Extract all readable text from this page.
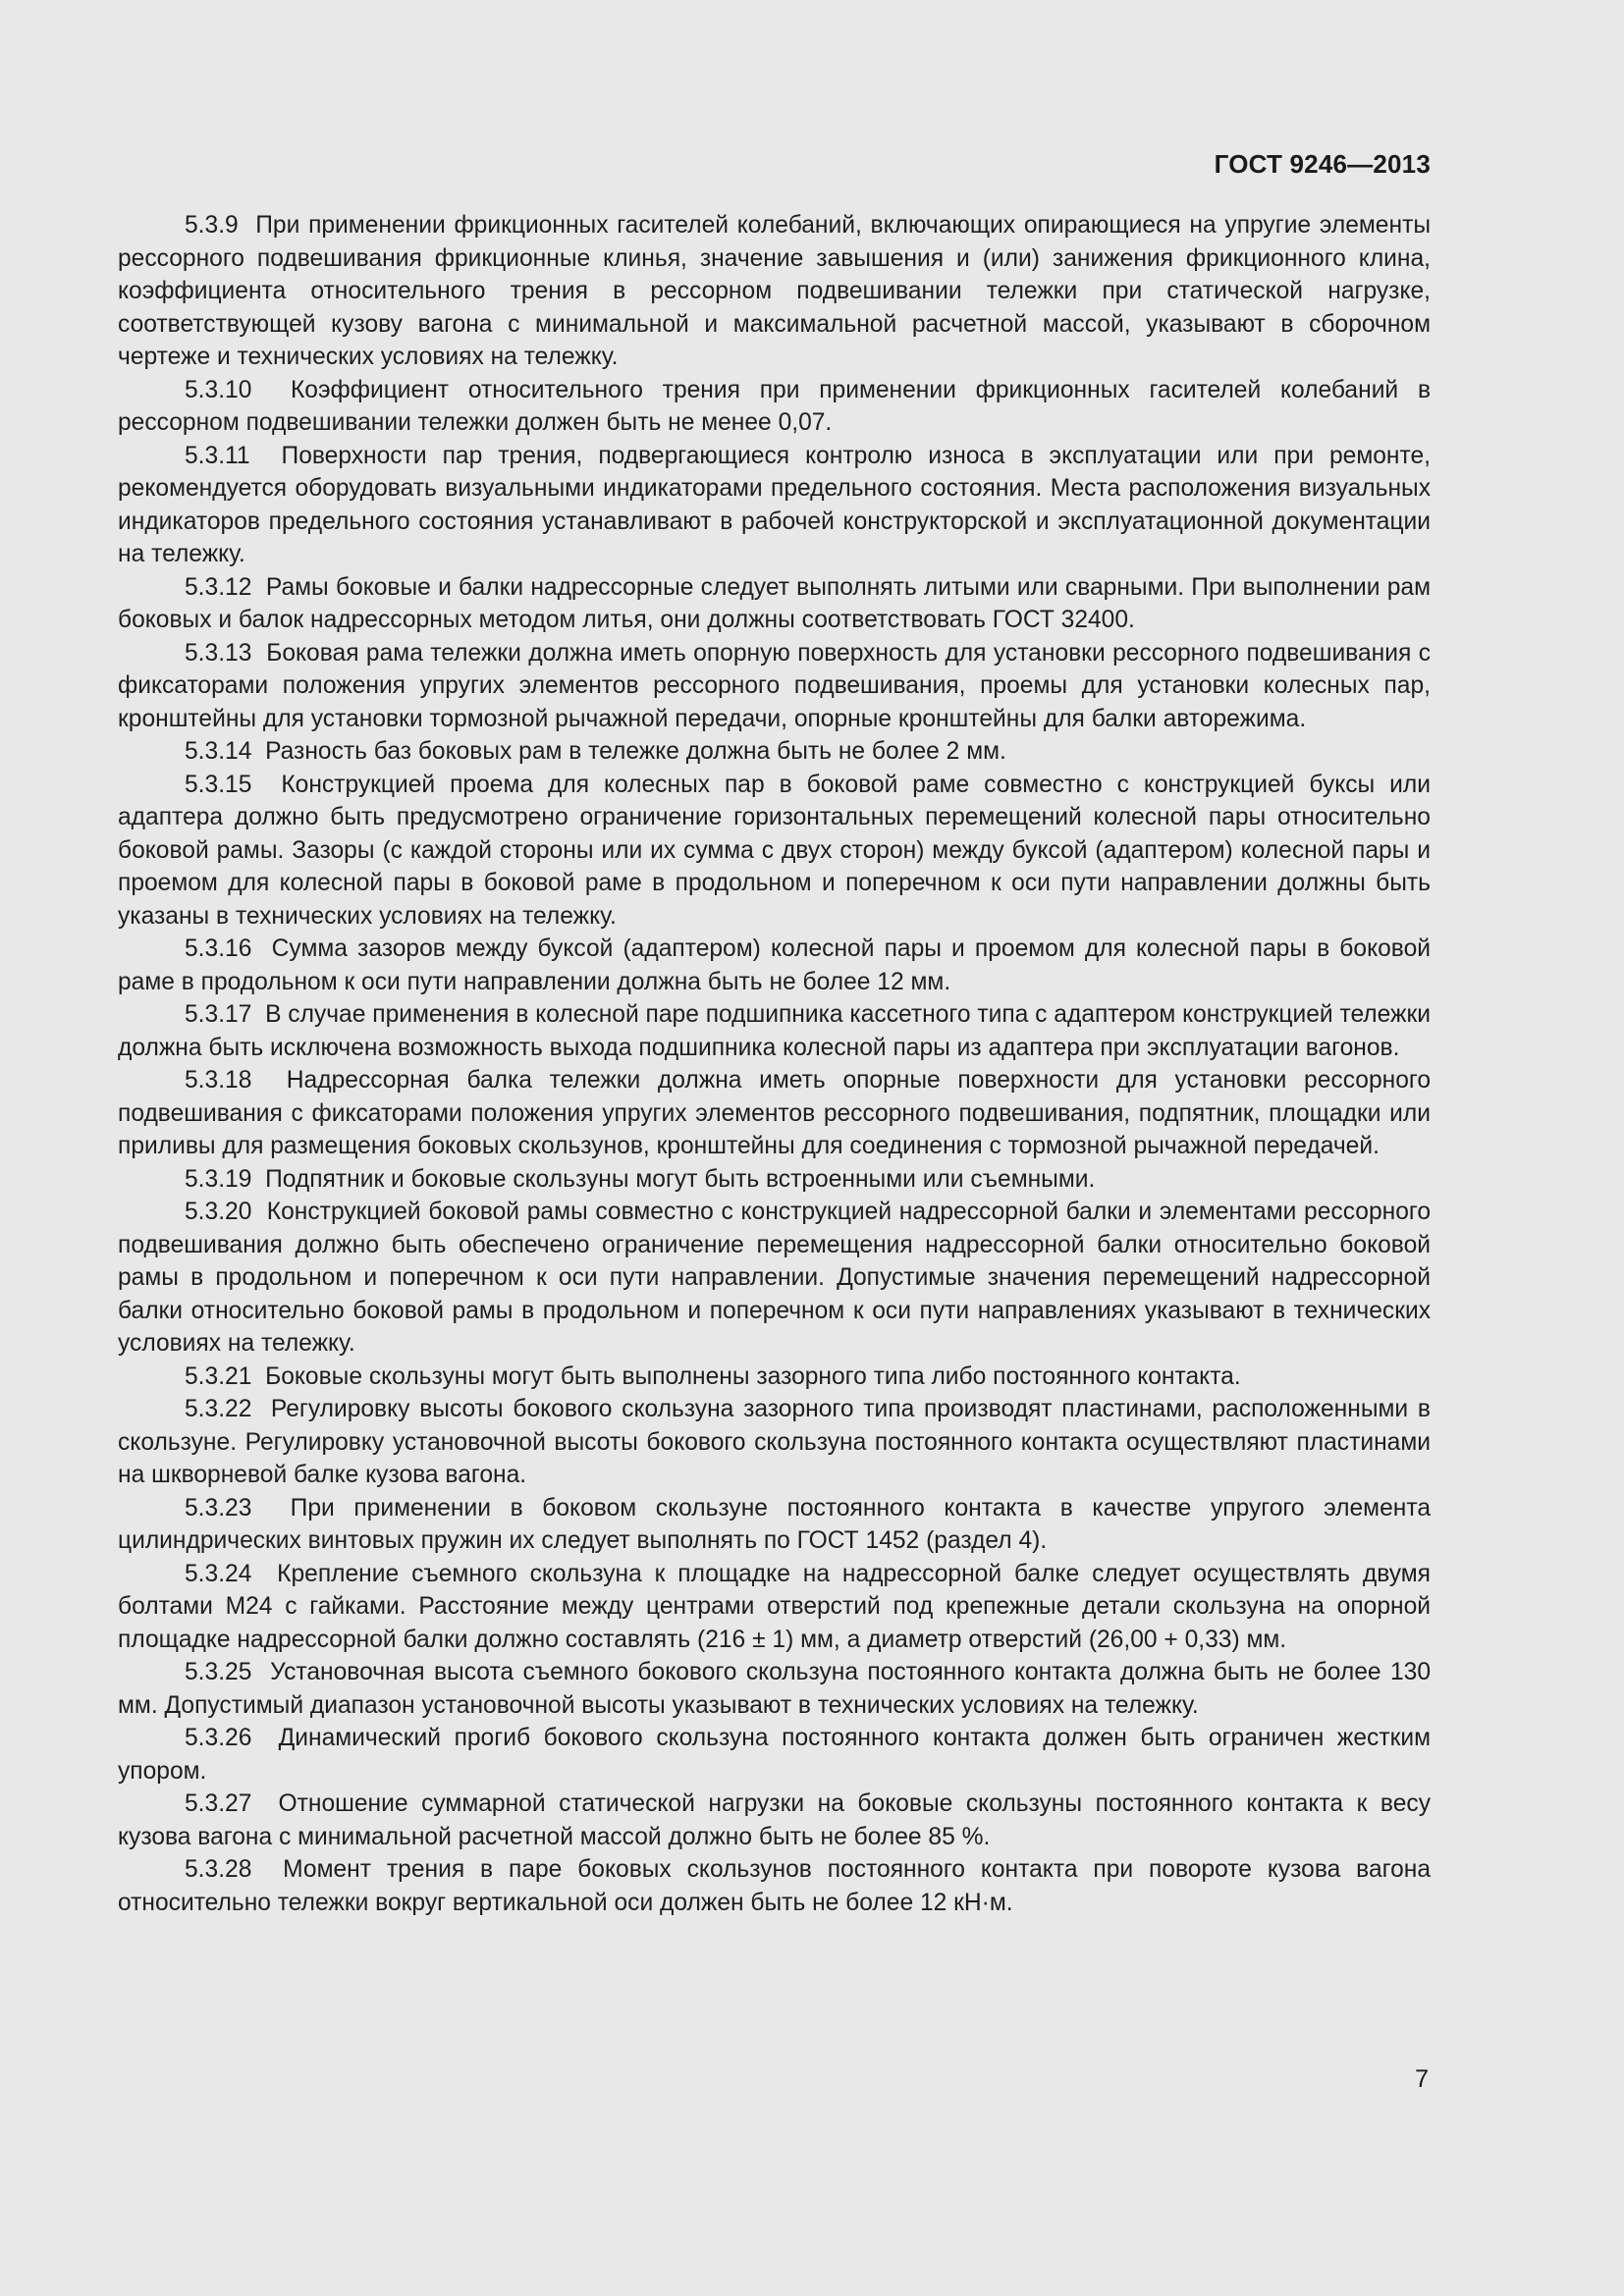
ГОСТ 9246—2013

5.3.9 При применении фрикционных гасителей колебаний, включающих опирающиеся на упругие элементы рессорного подвешивания фрикционные клинья, значение завышения и (или) занижения фрикционного клина, коэффициента относительного трения в рессорном подвешивании тележки при статической нагрузке, соответствующей кузову вагона с минимальной и максимальной расчетной массой, указывают в сборочном чертеже и технических условиях на тележку.

5.3.10 Коэффициент относительного трения при применении фрикционных гасителей колебаний в рессорном подвешивании тележки должен быть не менее 0,07.

5.3.11 Поверхности пар трения, подвергающиеся контролю износа в эксплуатации или при ремонте, рекомендуется оборудовать визуальными индикаторами предельного состояния. Места расположения визуальных индикаторов предельного состояния устанавливают в рабочей конструкторской и эксплуатационной документации на тележку.

5.3.12 Рамы боковые и балки надрессорные следует выполнять литыми или сварными. При выполнении рам боковых и балок надрессорных методом литья, они должны соответствовать ГОСТ 32400.

5.3.13 Боковая рама тележки должна иметь опорную поверхность для установки рессорного подвешивания с фиксаторами положения упругих элементов рессорного подвешивания, проемы для установки колесных пар, кронштейны для установки тормозной рычажной передачи, опорные кронштейны для балки авторежима.

5.3.14 Разность баз боковых рам в тележке должна быть не более 2 мм.

5.3.15 Конструкцией проема для колесных пар в боковой раме совместно с конструкцией буксы или адаптера должно быть предусмотрено ограничение горизонтальных перемещений колесной пары относительно боковой рамы. Зазоры (с каждой стороны или их сумма с двух сторон) между буксой (адаптером) колесной пары и проемом для колесной пары в боковой раме в продольном и поперечном к оси пути направлении должны быть указаны в технических условиях на тележку.

5.3.16 Сумма зазоров между буксой (адаптером) колесной пары и проемом для колесной пары в боковой раме в продольном к оси пути направлении должна быть не более 12 мм.

5.3.17 В случае применения в колесной паре подшипника кассетного типа с адаптером конструкцией тележки должна быть исключена возможность выхода подшипника колесной пары из адаптера при эксплуатации вагонов.

5.3.18 Надрессорная балка тележки должна иметь опорные поверхности для установки рессорного подвешивания с фиксаторами положения упругих элементов рессорного подвешивания, подпятник, площадки или приливы для размещения боковых скользунов, кронштейны для соединения с тормозной рычажной передачей.

5.3.19 Подпятник и боковые скользуны могут быть встроенными или съемными.

5.3.20 Конструкцией боковой рамы совместно с конструкцией надрессорной балки и элементами рессорного подвешивания должно быть обеспечено ограничение перемещения надрессорной балки относительно боковой рамы в продольном и поперечном к оси пути направлении. Допустимые значения перемещений надрессорной балки относительно боковой рамы в продольном и поперечном к оси пути направлениях указывают в технических условиях на тележку.

5.3.21 Боковые скользуны могут быть выполнены зазорного типа либо постоянного контакта.

5.3.22 Регулировку высоты бокового скользуна зазорного типа производят пластинами, расположенными в скользуне. Регулировку установочной высоты бокового скользуна постоянного контакта осуществляют пластинами на шкворневой балке кузова вагона.

5.3.23 При применении в боковом скользуне постоянного контакта в качестве упругого элемента цилиндрических винтовых пружин их следует выполнять по ГОСТ 1452 (раздел 4).

5.3.24 Крепление съемного скользуна к площадке на надрессорной балке следует осуществлять двумя болтами М24 с гайками. Расстояние между центрами отверстий под крепежные детали скользуна на опорной площадке надрессорной балки должно составлять (216 ± 1) мм, а диаметр отверстий (26,00 + 0,33) мм.

5.3.25 Установочная высота съемного бокового скользуна постоянного контакта должна быть не более 130 мм. Допустимый диапазон установочной высоты указывают в технических условиях на тележку.

5.3.26 Динамический прогиб бокового скользуна постоянного контакта должен быть ограничен жестким упором.

5.3.27 Отношение суммарной статической нагрузки на боковые скользуны постоянного контакта к весу кузова вагона с минимальной расчетной массой должно быть не более 85 %.

5.3.28 Момент трения в паре боковых скользунов постоянного контакта при повороте кузова вагона относительно тележки вокруг вертикальной оси должен быть не более 12 кН·м.

7
